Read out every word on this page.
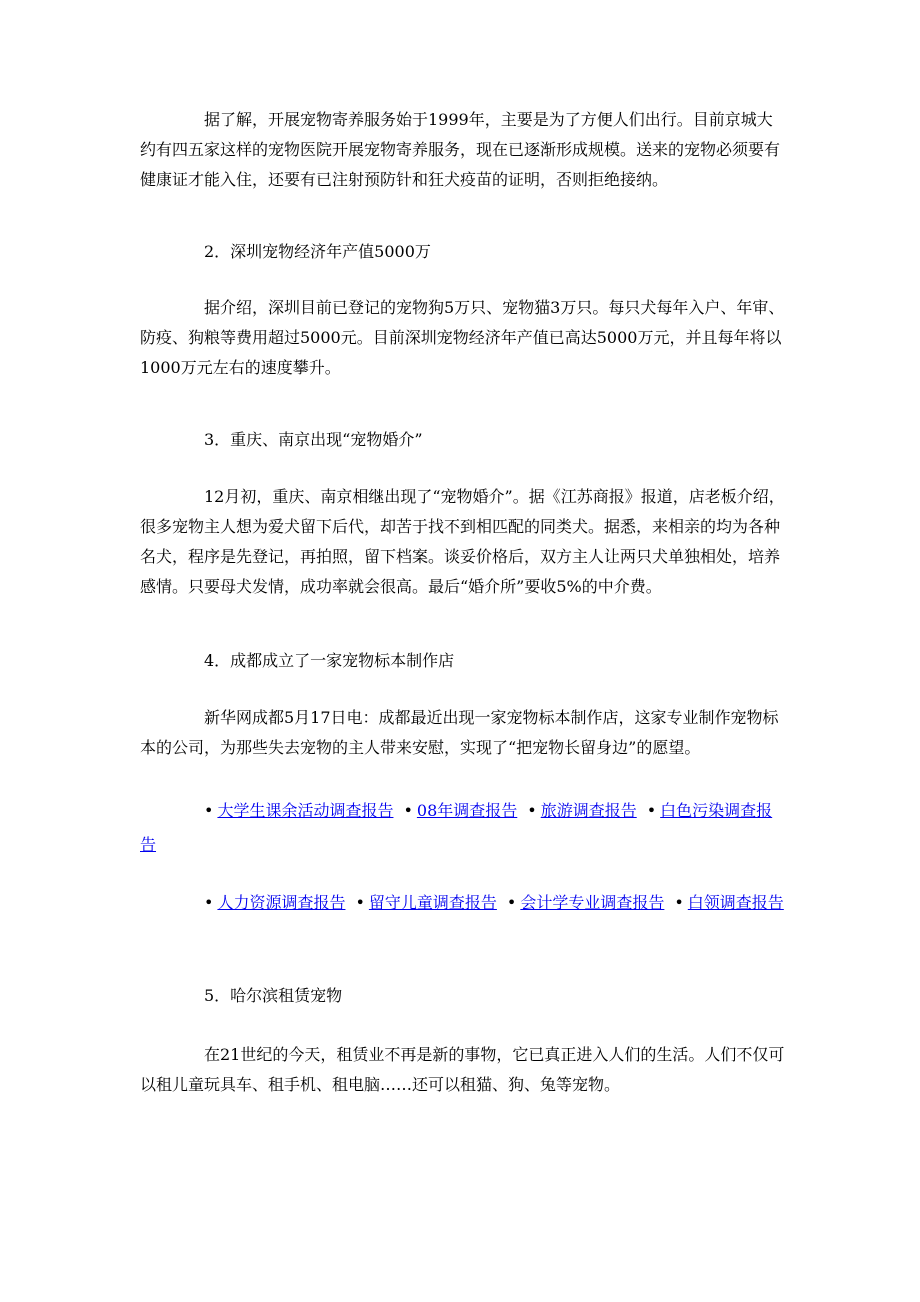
据了解，开展宠物寄养服务始于1999年，主要是为了方便人们出行。目前京城大约有四五家这样的宠物医院开展宠物寄养服务，现在已逐渐形成规模。送来的宠物必须要有健康证才能入住，还要有已注射预防针和狂犬疫苗的证明，否则拒绝接纳。

2．深圳宠物经济年产值5000万

据介绍，深圳目前已登记的宠物狗5万只、宠物猫3万只。每只犬每年入户、年审、防疫、狗粮等费用超过5000元。目前深圳宠物经济年产值已高达5000万元，并且每年将以1000万元左右的速度攀升。

3．重庆、南京出现“宠物婚介”

12月初，重庆、南京相继出现了“宠物婚介”。据《江苏商报》报道，店老板介绍，很多宠物主人想为爱犬留下后代，却苦于找不到相匹配的同类犬。据悉，来相亲的均为各种名犬，程序是先登记，再拍照，留下档案。谈妥价格后，双方主人让两只犬单独相处，培养感情。只要母犬发情，成功率就会很高。最后“婚介所”要收5%的中介费。

4．成都成立了一家宠物标本制作店

新华网成都5月17日电：成都最近出现一家宠物标本制作店，这家专业制作宠物标本的公司，为那些失去宠物的主人带来安慰，实现了“把宠物长留身边”的愿望。

• 大学生课余活动调查报告 • 08年调查报告 • 旅游调查报告 • 白色污染调查报告

• 人力资源调查报告 • 留守儿童调查报告 • 会计学专业调查报告 • 白领调查报告

5．哈尔滨租赁宠物

在21世纪的今天，租赁业不再是新的事物，它已真正进入人们的生活。人们不仅可以租儿童玩具车、租手机、租电脑……还可以租猫、狗、兔等宠物。
